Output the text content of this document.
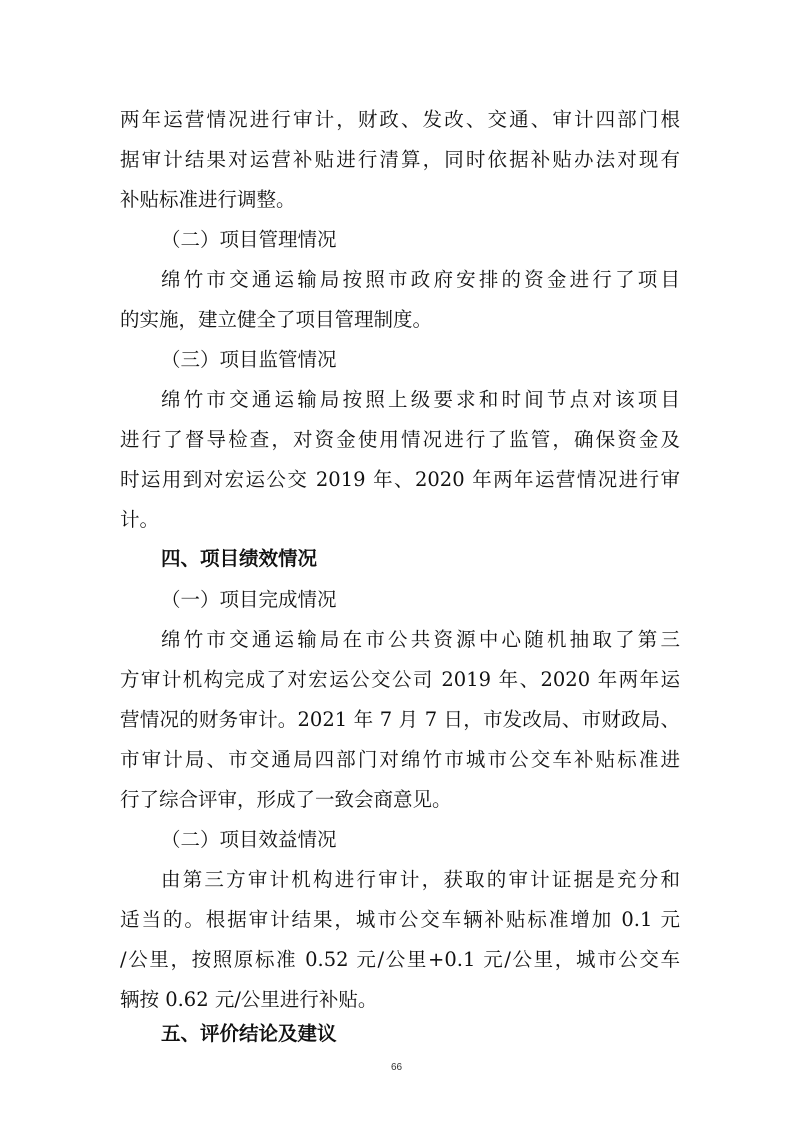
两年运营情况进行审计，财政、发改、交通、审计四部门根
据审计结果对运营补贴进行清算，同时依据补贴办法对现有
补贴标准进行调整。
（二）项目管理情况
绵竹市交通运输局按照市政府安排的资金进行了项目
的实施，建立健全了项目管理制度。
（三）项目监管情况
绵竹市交通运输局按照上级要求和时间节点对该项目
进行了督导检查，对资金使用情况进行了监管，确保资金及
时运用到对宏运公交 2019 年、2020 年两年运营情况进行审
计。
四、项目绩效情况
（一）项目完成情况
绵竹市交通运输局在市公共资源中心随机抽取了第三
方审计机构完成了对宏运公交公司 2019 年、2020 年两年运
营情况的财务审计。2021 年 7 月 7 日，市发改局、市财政局、
市审计局、市交通局四部门对绵竹市城市公交车补贴标准进
行了综合评审，形成了一致会商意见。
（二）项目效益情况
由第三方审计机构进行审计，获取的审计证据是充分和
适当的。根据审计结果，城市公交车辆补贴标准增加 0.1 元
/公里，按照原标准 0.52 元/公里+0.1 元/公里，城市公交车
辆按 0.62 元/公里进行补贴。
五、评价结论及建议
66
